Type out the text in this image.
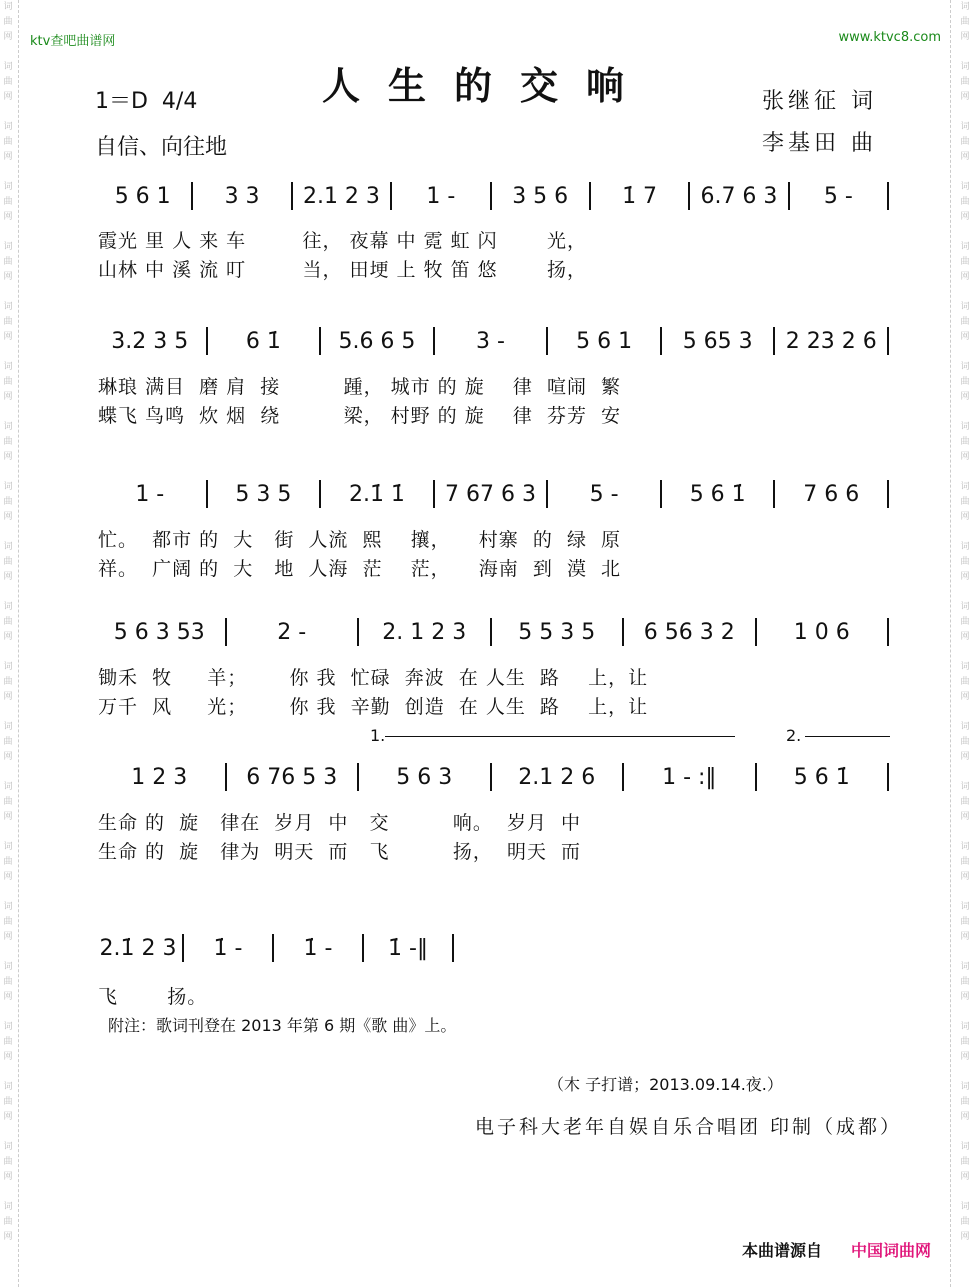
ktv查吧曲谱网	www.ktvc8.com
人生的交响
1＝D  4/4
自信、向往地
张继征 词
李基田 曲
5 6 1	3 3	2.1 2 3	1 -	3 5 6	1̇ 7	6.7 6 3	5 -
霞光 里 人 来 车        往， 夜幕 中 霓 虹 闪       光，
山林 中 溪 流 叮        当， 田埂 上 牧 笛 悠       扬，
3.2 3 5	6 1̇	5.6 6 5	3 -	5 6 1	5 65 3	2 23 2 6
琳琅 满目  磨 肩  接         踵， 城市 的 旋    律  喧闹  繁
蝶飞 鸟鸣  炊 烟  绕         梁， 村野 的 旋    律  芬芳  安
1 -	5 3 5	2.1̇ 1̇	7 67 6 3	5 -	5 6 1̇	7 6 6
忙。  都市 的  大   街  人流  熙    攘，    村寨  的  绿  原
祥。  广阔 的  大   地  人海  茫    茫，    海南  到  漠  北
5 6 3 53	2 -	2. 1 2 3	5 5 3 5	6 56 3 2	1 0 6
锄禾  牧     羊；      你 我  忙碌  奔波  在 人生  路    上，让
万千  风     光；      你 我  辛勤  创造  在 人生  路    上，让
1 2 3	6 76 5 3	5 6 3	2.1 2 6	1 - :‖	5 6 1̇
生命 的  旋   律在  岁月  中   交         响。  岁月  中
生命 的  旋   律为  明天  而   飞         扬，  明天  而
2.1̇ 2 3	1̇ -	1̇ -	1̇ -‖
飞       扬。
1.	2.
附注：歌词刊登在 2013 年第 6 期《歌 曲》上。
（木 子打谱；2013.09.14.夜.）
电子科大老年自娱自乐合唱团 印制（成都）
本曲谱源自 中国词曲网
词
曲
网

词
曲
网

词
曲
网

词
曲
网

词
曲
网

词
曲
网

词
曲
网

词
曲
网

词
曲
网

词
曲
网

词
曲
网

词
曲
网

词
曲
网

词
曲
网

词
曲
网

词
曲
网

词
曲
网

词
曲
网

词
曲
网

词
曲
网

词
曲
网

词
曲
网

词
曲
网

词
曲
网

词
曲
网

词
曲
网

词
曲
网

词
曲
网

词
曲
网

词
曲
网

词
曲
网

词
曲
网

词
曲
网

词
曲
网

词
曲
网

词
曲
网

词
曲
网

词
曲
网

词
曲
网

词
曲
网

词
曲
网

词
曲
网
